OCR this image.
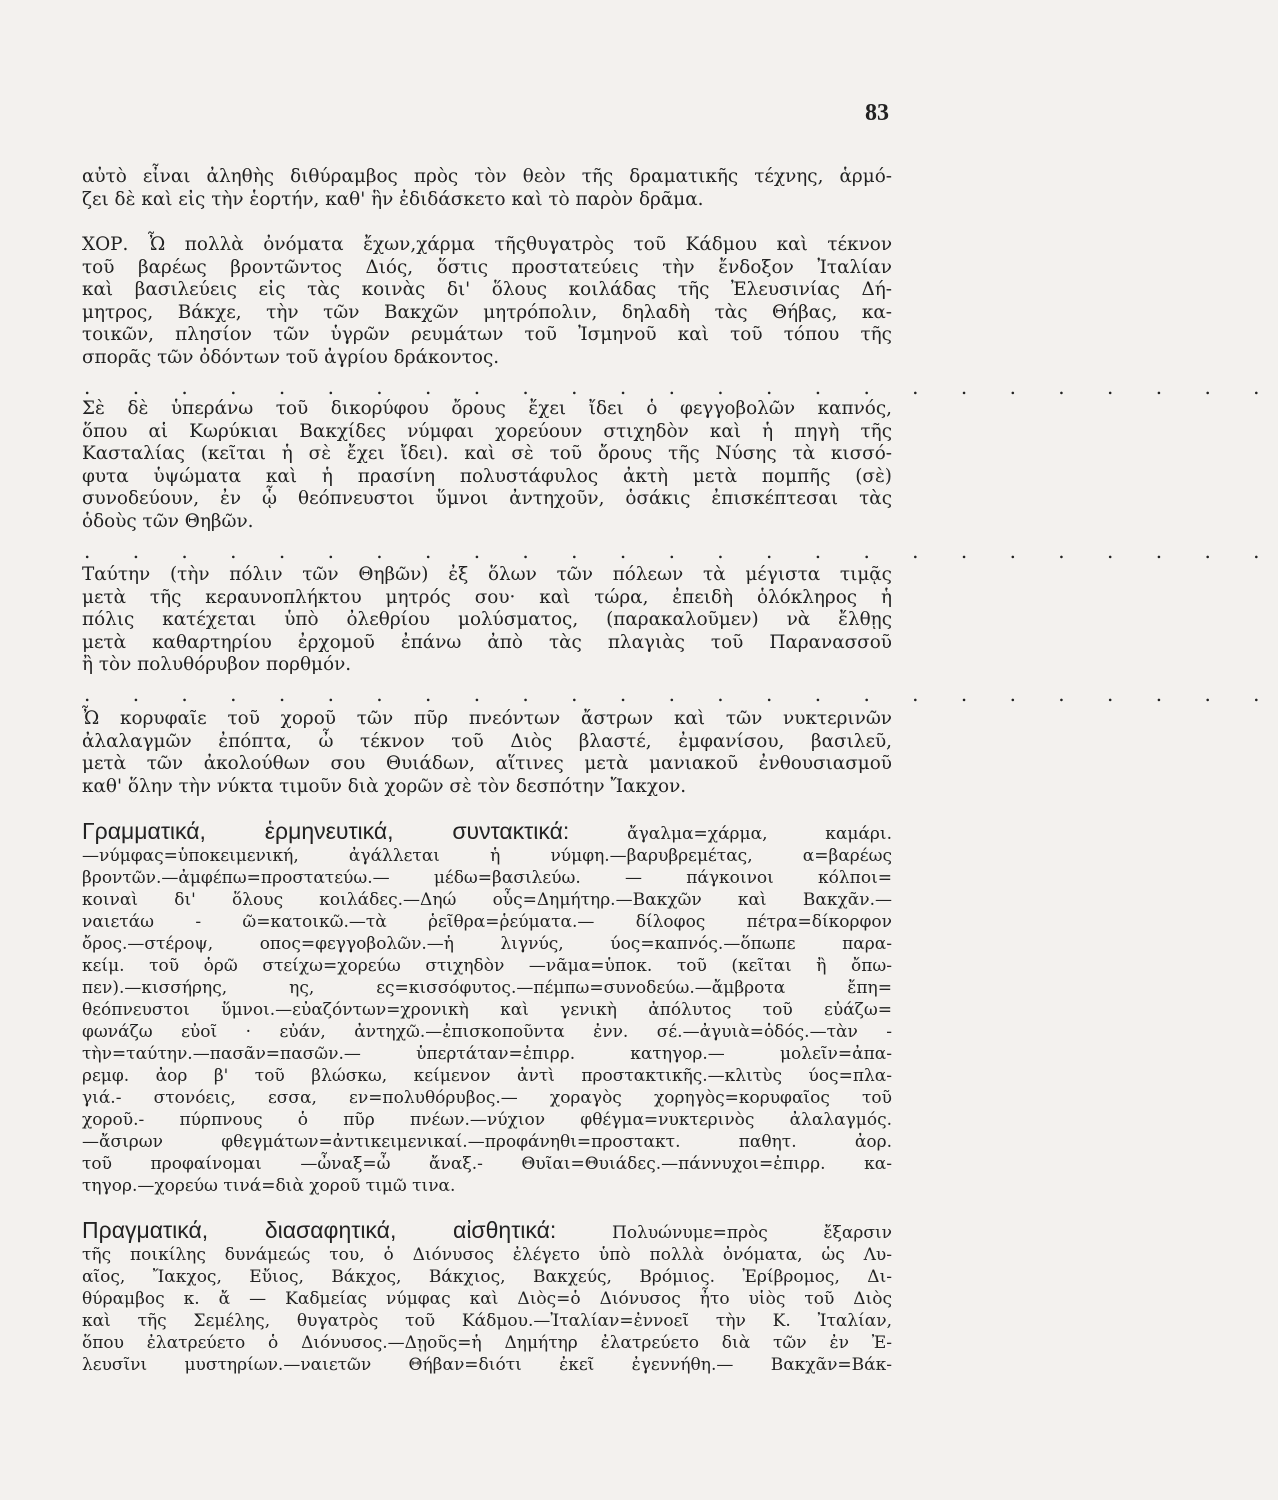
83

αὐτὸ εἶναι ἀληθὴς διθύραμβος πρὸς τὸν θεὸν τῆς δραματικῆς τέχνης, ἁρμό-

ζει δὲ καὶ εἰς τὴν ἑορτήν, καθ' ἣν ἐδιδάσκετο καὶ τὸ παρὸν δρᾶμα.

ΧΟΡ. Ὦ πολλὰ ὀνόματα ἔχων,χάρμα τῆςθυγατρὸς τοῦ Κάδμου καὶ τέκνον

τοῦ βαρέως βροντῶντος Διός, ὅστις προστατεύεις τὴν ἔνδοξον Ἰταλίαν

καὶ βασιλεύεις εἰς τὰς κοινὰς δι' ὅλους κοιλάδας τῆς Ἐλευσινίας Δή-

μητρος, Βάκχε, τὴν τῶν Βακχῶν μητρόπολιν, δηλαδὴ τὰς Θήβας, κα-

τοικῶν, πλησίον τῶν ὑγρῶν ρευμάτων τοῦ Ἰσμηνοῦ καὶ τοῦ τόπου τῆς

σπορᾶς τῶν ὀδόντων τοῦ ἀγρίου δράκοντος.

. . . . . . . . . . . . . . . . . . . . . . . . .

Σὲ δὲ ὑπεράνω τοῦ δικορύφου ὄρους ἔχει ἴδει ὁ φεγγοβολῶν καπνός,

ὅπου αἱ Κωρύκιαι Βακχίδες νύμφαι χορεύουν στιχηδὸν καὶ ἡ πηγὴ τῆς

Κασταλίας (κεῖται ἡ σὲ ἔχει ἴδει). καὶ σὲ τοῦ ὄρους τῆς Νύσης τὰ κισσό-

φυτα ὑψώματα καὶ ἡ πρασίνη πολυστάφυλος ἀκτὴ μετὰ πομπῆς (σὲ)

συνοδεύουν, ἐν ᾧ θεόπνευστοι ὕμνοι ἀντηχοῦν, ὁσάκις ἐπισκέπτεσαι τὰς

ὁδοὺς τῶν Θηβῶν.

. . . . . . . . . . . . . . . . . . . . . . . . .

Ταύτην (τὴν πόλιν τῶν Θηβῶν) ἐξ ὅλων τῶν πόλεων τὰ μέγιστα τιμᾷς

μετὰ τῆς κεραυνοπλήκτου μητρός σου· καὶ τώρα, ἐπειδὴ ὁλόκληρος ἡ

πόλις κατέχεται ὑπὸ ὀλεθρίου μολύσματος, (παρακαλοῦμεν) νὰ ἔλθῃς

μετὰ καθαρτηρίου ἐρχομοῦ ἐπάνω ἀπὸ τὰς πλαγιὰς τοῦ Παρανασσοῦ

ἢ τὸν πολυθόρυβον πορθμόν.

. . . . . . . . . . . . . . . . . . . . . . . . .

Ὦ κορυφαῖε τοῦ χοροῦ τῶν πῦρ πνεόντων ἄστρων καὶ τῶν νυκτερινῶν

ἀλαλαγμῶν ἐπόπτα, ὦ τέκνον τοῦ Διὸς βλαστέ, ἐμφανίσου, βασιλεῦ,

μετὰ τῶν ἀκολούθων σου Θυιάδων, αἵτινες μετὰ μανιακοῦ ἐνθουσιασμοῦ

καθ' ὅλην τὴν νύκτα τιμοῦν διὰ χορῶν σὲ τὸν δεσπότην Ἴακχον.

Γραμματικά, ἑρμηνευτικά, συντακτικά:	ἄγαλμα=χάρμα, καμάρι.

—νύμφας=ὑποκειμενική, ἀγάλλεται ἡ νύμφη.—βαρυβρεμέτας, α=βαρέως

βροντῶν.—ἀμφέπω=προστατεύω.— μέδω=βασιλεύω. — πάγκοινοι κόλποι=

κοιναὶ δι' ὅλους κοιλάδες.—Δηώ οὖς=Δημήτηρ.—Βακχῶν καὶ Βακχᾶν.—

ναιετάω - ῶ=κατοικῶ.—τὰ ῥεῖθρα=ῥεύματα.— δίλοφος πέτρα=δίκορφον

ὄρος.—στέροψ, οπος=φεγγοβολῶν.—ἡ λιγνύς, ύος=καπνός.—ὅπωπε παρα-

κείμ. τοῦ ὁρῶ στείχω=χορεύω στιχηδὸν —νᾶμα=ὑποκ. τοῦ (κεῖται ἢ ὄπω-

πεν).—κισσήρης, ης, ες=κισσόφυτος.—πέμπω=συνοδεύω.—ἄμβροτα ἔπη=

θεόπνευστοι ὕμνοι.—εὐαζόντων=χρονικὴ καὶ γενικὴ ἀπόλυτος τοῦ εὐάζω=

φωνάζω εὐοῖ · εὐάν, ἀντηχῶ.—ἐπισκοποῦντα ἐνν. σέ.—ἀγυιὰ=ὁδός.—τὰν -

τὴν=ταύτην.—πασᾶν=πασῶν.— ὑπερτάταν=ἐπιρρ. κατηγορ.— μολεῖν=ἀπα-

ρεμφ. ἀορ β' τοῦ βλώσκω, κείμενον ἀντὶ προστακτικῆς.—κλιτὺς ύος=πλα-

γιά.- στονόεις, εσσα, εν=πολυθόρυβος.— χοραγὸς χορηγὸς=κορυφαῖος τοῦ

χοροῦ.- πύρπνους ὁ πῦρ πνέων.—νύχιον φθέγμα=νυκτερινὸς ἀλαλαγμός.

—ἄσιρων φθεγμάτων=ἀντικειμενικαί.—προφάνηθι=προστακτ. παθητ. ἀορ.

τοῦ προφαίνομαι —ὦναξ=ὦ ἄναξ.- Θυῖαι=Θυιάδες.—πάννυχοι=ἐπιρρ. κα-

τηγορ.—χορεύω τινά=διὰ χοροῦ τιμῶ τινα.

Πραγματικά, διασαφητικά, αἰσθητικά:	Πολυώνυμε=πρὸς ἔξαρσιν

τῆς ποικίλης δυνάμεώς του, ὁ Διόνυσος ἐλέγετο ὑπὸ πολλὰ ὀνόματα, ὡς Λυ-

αῖος, Ἴακχος, Εὔιος, Βάκχος, Βάκχιος, Βακχεύς, Βρόμιος. Ἐρίβρομος, Δι-

θύραμβος κ. ἄ — Καδμείας νύμφας καὶ Διὸς=ὁ Διόνυσος ἦτο υἱὸς τοῦ Διὸς

καὶ τῆς Σεμέλης, θυγατρὸς τοῦ Κάδμου.—Ἰταλίαν=ἐννοεῖ τὴν Κ. Ἰταλίαν,

ὅπου ἐλατρεύετο ὁ Διόνυσος.—Δῃοῦς=ἡ Δημήτηρ ἐλατρεύετο διὰ τῶν ἐν Ἐ-

λευσῖνι μυστηρίων.—ναιετῶν Θήβαν=διότι ἐκεῖ ἐγεννήθη.— Βακχᾶν=Βάκ-
